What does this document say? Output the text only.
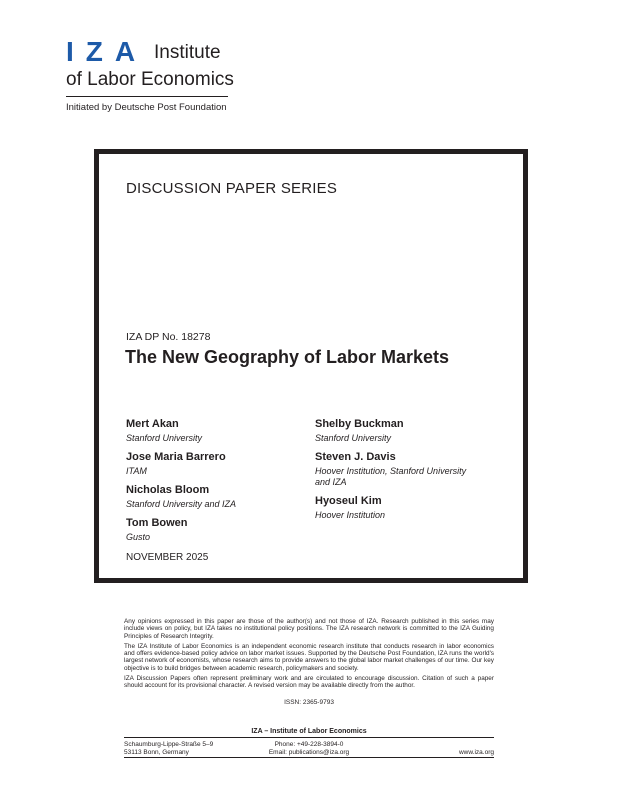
IZA Institute
of Labor Economics
Initiated by Deutsche Post Foundation
DISCUSSION PAPER SERIES
IZA DP No. 18278
The New Geography of Labor Markets
Mert Akan
Stanford University
Jose Maria Barrero
ITAM
Nicholas Bloom
Stanford University and IZA
Tom Bowen
Gusto
Shelby Buckman
Stanford University
Steven J. Davis
Hoover Institution, Stanford University and IZA
Hyoseul Kim
Hoover Institution
NOVEMBER 2025

Any opinions expressed in this paper are those of the author(s) and not those of IZA. Research published in this series may include views on policy, but IZA takes no institutional policy positions. The IZA research network is committed to the IZA Guiding Principles of Research Integrity.

The IZA Institute of Labor Economics is an independent economic research institute that conducts research in labor economics and offers evidence-based policy advice on labor market issues. Supported by the Deutsche Post Foundation, IZA runs the world's largest network of economists, whose research aims to provide answers to the global labor market challenges of our time. Our key objective is to build bridges between academic research, policymakers and society.

IZA Discussion Papers often represent preliminary work and are circulated to encourage discussion. Citation of such a paper should account for its provisional character. A revised version may be available directly from the author.

ISSN: 2365-9793
IZA – Institute of Labor Economics
Schaumburg-Lippe-Straße 5–9
53113 Bonn, Germany
Phone: +49-228-3894-0
Email: publications@iza.org	www.iza.org
